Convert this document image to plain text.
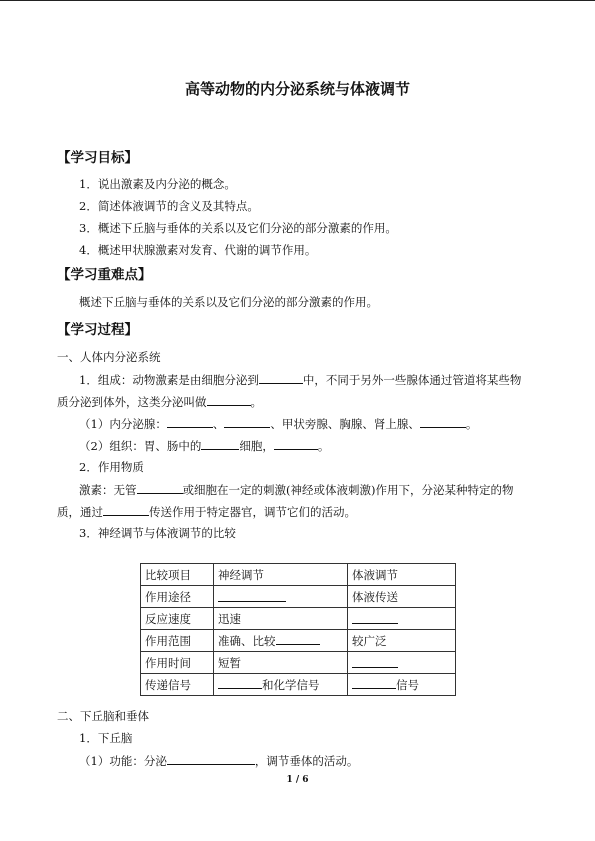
高等动物的内分泌系统与体液调节
【学习目标】
1．说出激素及内分泌的概念。
2．简述体液调节的含义及其特点。
3．概述下丘脑与垂体的关系以及它们分泌的部分激素的作用。
4．概述甲状腺激素对发育、代谢的调节作用。
【学习重难点】
概述下丘脑与垂体的关系以及它们分泌的部分激素的作用。
【学习过程】
一、人体内分泌系统
1．组成：动物激素是由细胞分泌到	中，不同于另外一些腺体通过管道将某些物
质分泌到体外，这类分泌叫做	。
（1）内分泌腺：	、	、甲状旁腺、胸腺、肾上腺、	。
（2）组织：胃、肠中的	细胞，	。
2．作用物质
激素：无管	或细胞在一定的刺激(神经或体液刺激)作用下，分泌某种特定的物
质，通过	传送作用于特定器官，调节它们的活动。
3．神经调节与体液调节的比较
比较项目	神经调节	体液调节
作用途径		体液传送
反应速度	迅速	
作用范围	准确、比较	较广泛
作用时间	短暂	
传递信号	和化学信号	信号
二、下丘脑和垂体
1．下丘脑
（1）功能：分泌	，调节垂体的活动。
1 / 6
